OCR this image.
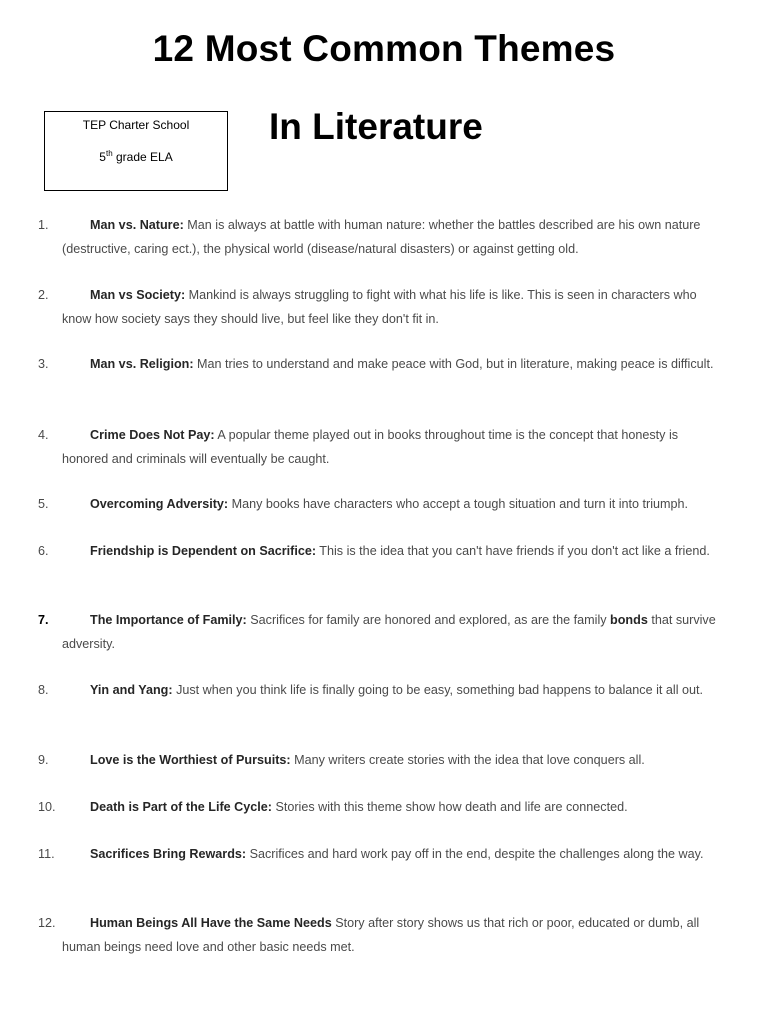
12 Most Common Themes
In Literature
TEP Charter School
5th grade ELA
1.	Man vs. Nature: Man is always at battle with human nature: whether the battles described are his own nature (destructive, caring ect.), the physical world (disease/natural disasters) or against getting old.
2.	Man vs Society: Mankind is always struggling to fight with what his life is like. This is seen in characters who know how society says they should live, but feel like they don't fit in.
3.	Man vs. Religion: Man tries to understand and make peace with God, but in literature, making peace is difficult.
4.	Crime Does Not Pay: A popular theme played out in books throughout time is the concept that honesty is honored and criminals will eventually be caught.
5.	Overcoming Adversity: Many books have characters who accept a tough situation and turn it into triumph.
6.	Friendship is Dependent on Sacrifice: This is the idea that you can't have friends if you don't act like a friend.
7.	The Importance of Family: Sacrifices for family are honored and explored, as are the family bonds that survive adversity.
8.	Yin and Yang: Just when you think life is finally going to be easy, something bad happens to balance it all out.
9.	Love is the Worthiest of Pursuits: Many writers create stories with the idea that love conquers all.
10.	Death is Part of the Life Cycle: Stories with this theme show how death and life are connected.
11.	Sacrifices Bring Rewards: Sacrifices and hard work pay off in the end, despite the challenges along the way.
12.	Human Beings All Have the Same Needs Story after story shows us that rich or poor, educated or dumb, all human beings need love and other basic needs met.
